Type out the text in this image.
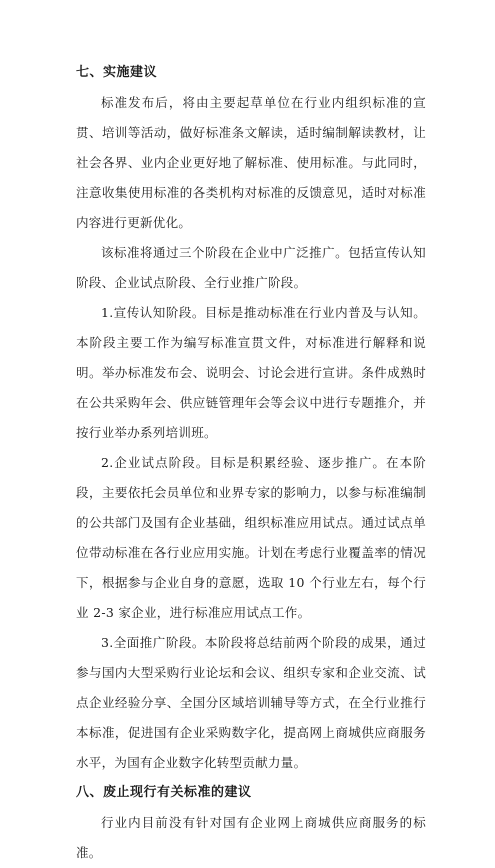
七、实施建议

标准发布后，将由主要起草单位在行业内组织标准的宣贯、培训等活动，做好标准条文解读，适时编制解读教材，让社会各界、业内企业更好地了解标准、使用标准。与此同时，注意收集使用标准的各类机构对标准的反馈意见，适时对标准内容进行更新优化。

该标准将通过三个阶段在企业中广泛推广。包括宣传认知阶段、企业试点阶段、全行业推广阶段。

1.宣传认知阶段。目标是推动标准在行业内普及与认知。本阶段主要工作为编写标准宣贯文件，对标准进行解释和说明。举办标准发布会、说明会、讨论会进行宣讲。条件成熟时在公共采购年会、供应链管理年会等会议中进行专题推介，并按行业举办系列培训班。

2.企业试点阶段。目标是积累经验、逐步推广。在本阶段，主要依托会员单位和业界专家的影响力，以参与标准编制的公共部门及国有企业基础，组织标准应用试点。通过试点单位带动标准在各行业应用实施。计划在考虑行业覆盖率的情况下，根据参与企业自身的意愿，选取 10 个行业左右，每个行业 2-3 家企业，进行标准应用试点工作。

3.全面推广阶段。本阶段将总结前两个阶段的成果，通过参与国内大型采购行业论坛和会议、组织专家和企业交流、试点企业经验分享、全国分区域培训辅导等方式，在全行业推行本标准，促进国有企业采购数字化，提高网上商城供应商服务水平，为国有企业数字化转型贡献力量。

八、废止现行有关标准的建议

行业内目前没有针对国有企业网上商城供应商服务的标准。
